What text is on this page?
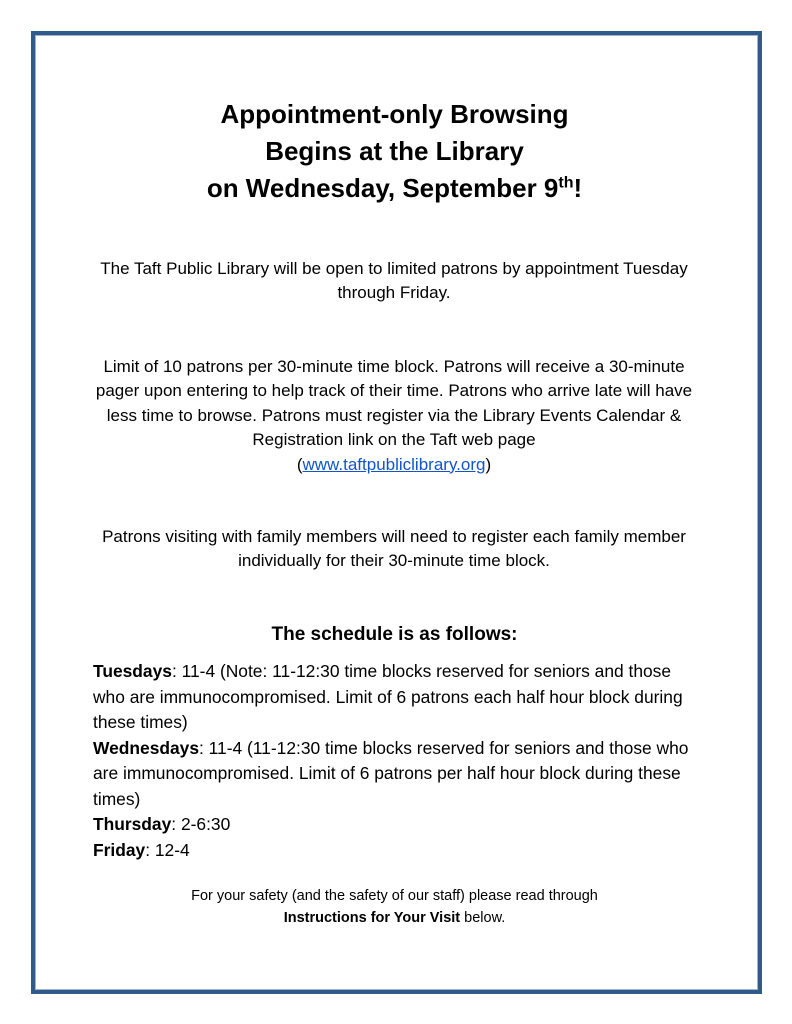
Appointment-only Browsing
Begins at the Library
on Wednesday, September 9th!
The Taft Public Library will be open to limited patrons by appointment Tuesday through Friday.
Limit of 10 patrons per 30-minute time block. Patrons will receive a 30-minute pager upon entering to help track of their time. Patrons who arrive late will have less time to browse. Patrons must register via the Library Events Calendar & Registration link on the Taft web page
(www.taftpubliclibrary.org)
Patrons visiting with family members will need to register each family member individually for their 30-minute time block.
The schedule is as follows:
Tuesdays: 11-4 (Note: 11-12:30 time blocks reserved for seniors and those who are immunocompromised. Limit of 6 patrons each half hour block during these times)
Wednesdays: 11-4 (11-12:30 time blocks reserved for seniors and those who are immunocompromised. Limit of 6 patrons per half hour block during these times)
Thursday: 2-6:30
Friday: 12-4
For your safety (and the safety of our staff) please read through
Instructions for Your Visit below.
